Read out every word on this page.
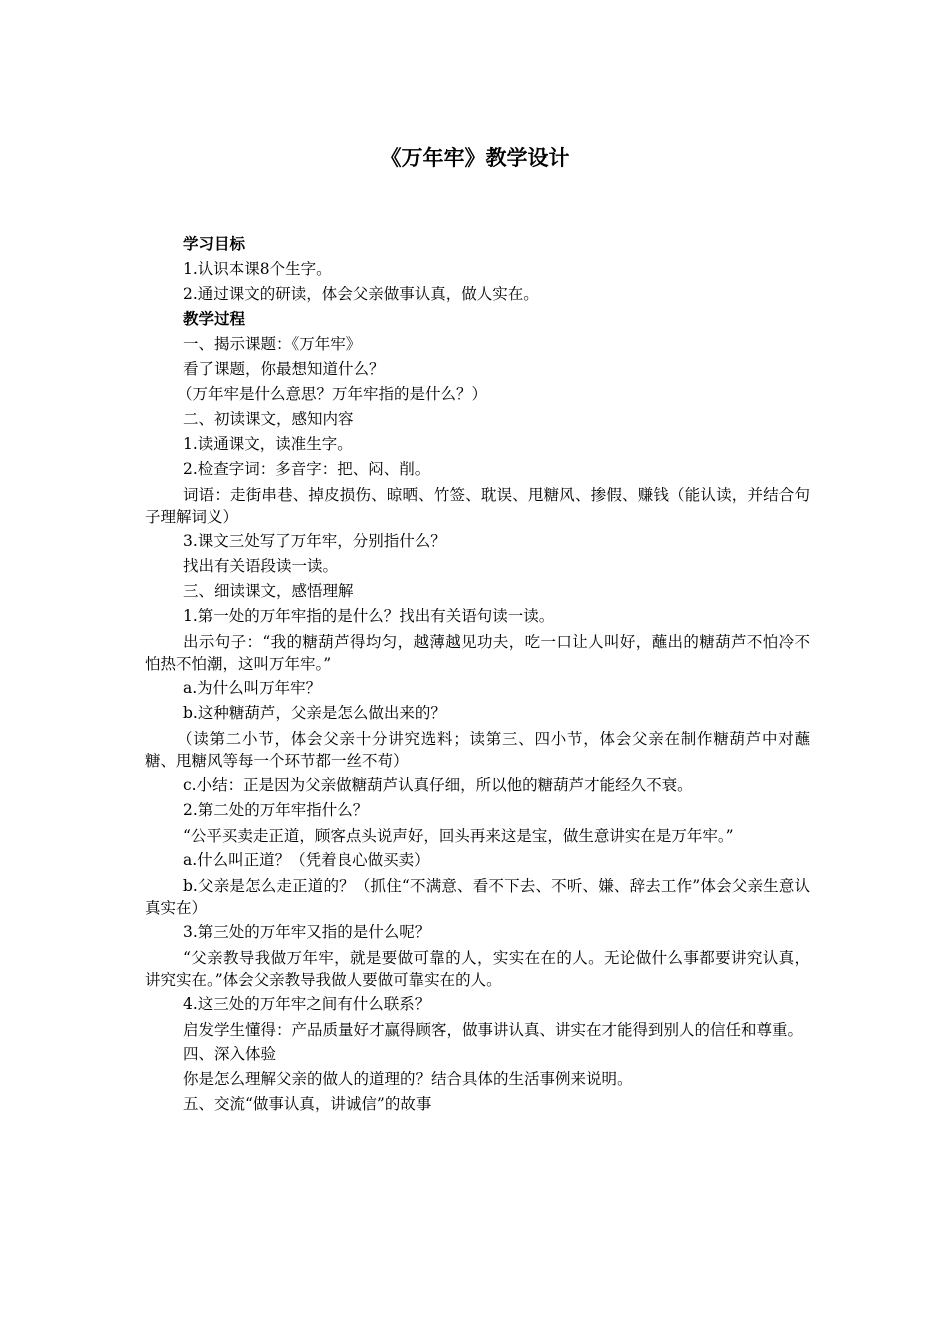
《万年牢》教学设计

学习目标

1.认识本课8个生字。

2.通过课文的研读，体会父亲做事认真，做人实在。

教学过程

一、揭示课题：《万年牢》

看了课题，你最想知道什么？

（万年牢是什么意思？万年牢指的是什么？）

二、初读课文，感知内容

1.读通课文，读准生字。

2.检查字词：多音字：把、闷、削。

词语：走街串巷、掉皮损伤、晾晒、竹签、耽误、甩糖风、掺假、赚钱（能认读，并结合句子理解词义）

3.课文三处写了万年牢，分别指什么？

找出有关语段读一读。

三、细读课文，感悟理解

1.第一处的万年牢指的是什么？找出有关语句读一读。

出示句子：“我的糖葫芦得均匀，越薄越见功夫，吃一口让人叫好，蘸出的糖葫芦不怕冷不怕热不怕潮，这叫万年牢。”

a.为什么叫万年牢？

b.这种糖葫芦，父亲是怎么做出来的？

（读第二小节，体会父亲十分讲究选料；读第三、四小节，体会父亲在制作糖葫芦中对蘸糖、甩糖风等每一个环节都一丝不苟）

c.小结：正是因为父亲做糖葫芦认真仔细，所以他的糖葫芦才能经久不衰。

2.第二处的万年牢指什么？

“公平买卖走正道，顾客点头说声好，回头再来这是宝，做生意讲实在是万年牢。”

a.什么叫正道？（凭着良心做买卖）

b.父亲是怎么走正道的？（抓住“不满意、看不下去、不听、嫌、辞去工作”体会父亲生意认真实在）

3.第三处的万年牢又指的是什么呢？

“父亲教导我做万年牢，就是要做可靠的人，实实在在的人。无论做什么事都要讲究认真，讲究实在。”体会父亲教导我做人要做可靠实在的人。

4.这三处的万年牢之间有什么联系？

启发学生懂得：产品质量好才赢得顾客，做事讲认真、讲实在才能得到别人的信任和尊重。

四、深入体验

你是怎么理解父亲的做人的道理的？结合具体的生活事例来说明。

五、交流“做事认真，讲诚信”的故事
